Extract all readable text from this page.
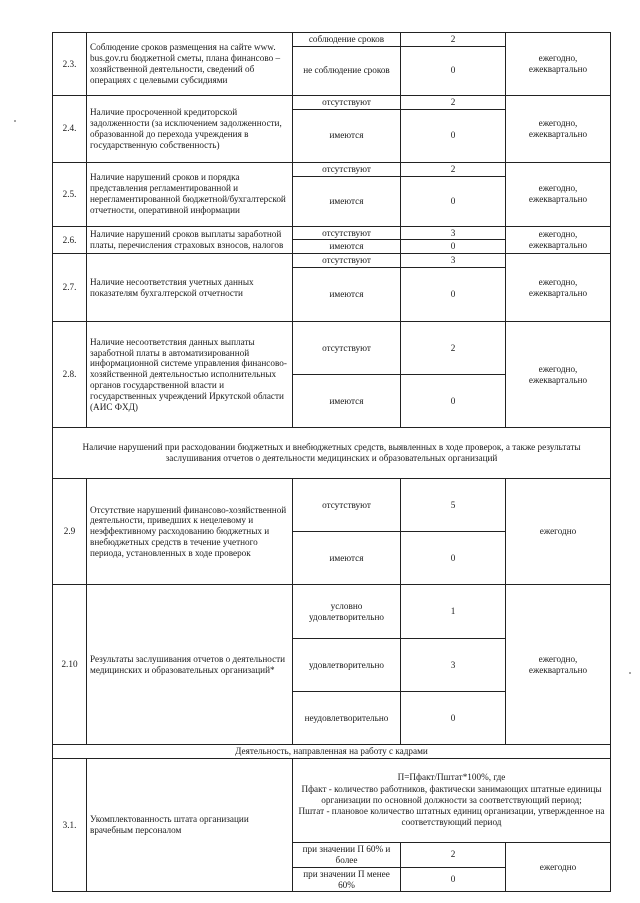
2.3.	Соблюдение сроков размещения на сайте www. bus.gov.ru бюджетной сметы, плана финансово – хозяйственной деятельности, сведений об операциях с целевыми субсидиями	соблюдение сроков	2	ежегодно, ежеквартально
		не соблюдение сроков	0	
2.4.	Наличие просроченной кредиторской задолженности (за исключением задолженности, образованной до перехода учреждения в государственную собственность)	отсутствуют	2	ежегодно, ежеквартально
		имеются	0	
2.5.	Наличие нарушений сроков и порядка представления регламентированной и нерегламентированной бюджетной/бухгалтерской отчетности, оперативной информации	отсутствуют	2	ежегодно, ежеквартально
		имеются	0	
2.6.	Наличие нарушений сроков выплаты заработной платы, перечисления страховых взносов, налогов	отсутствуют	3	ежегодно, ежеквартально
		имеются	0	
2.7.	Наличие несоответствия учетных данных показателям бухгалтерской отчетности	отсутствуют	3	ежегодно, ежеквартально
		имеются	0	
2.8.	Наличие несоответствия данных выплаты заработной платы в автоматизированной информационной системе управления финансово-хозяйственной деятельностью исполнительных органов государственной власти и государственных учреждений Иркутской области (АИС ФХД)	отсутствуют	2	ежегодно, ежеквартально
		имеются	0	
Наличие нарушений при расходовании бюджетных и внебюджетных средств, выявленных в ходе проверок, а также результаты заслушивания отчетов о деятельности медицинских и образовательных организаций				
2.9	Отсутствие нарушений финансово-хозяйственной деятельности, приведших к нецелевому и неэффективному расходованию бюджетных и внебюджетных средств в течение учетного периода, установленных в ходе проверок	отсутствуют	5	ежегодно
		имеются	0	
2.10	Результаты заслушивания отчетов о деятельности медицинских и образовательных организаций*	условно удовлетворительно	1	ежегодно, ежеквартально
		удовлетворительно	3	
		неудовлетворительно	0	
Деятельность, направленная на работу с кадрами				
3.1.	Укомплектованность штата организации врачебным персоналом	П=Пфакт/Пштат*100%, где
Пфакт - количество работников, фактически занимающих штатные единицы организации по основной должности за соответствующий период;
Пштат - плановое количество штатных единиц организации, утвержденное на соответствующий период		

		при значении П 60% и более	2	ежегодно
		при значении П менее 60%	0	
